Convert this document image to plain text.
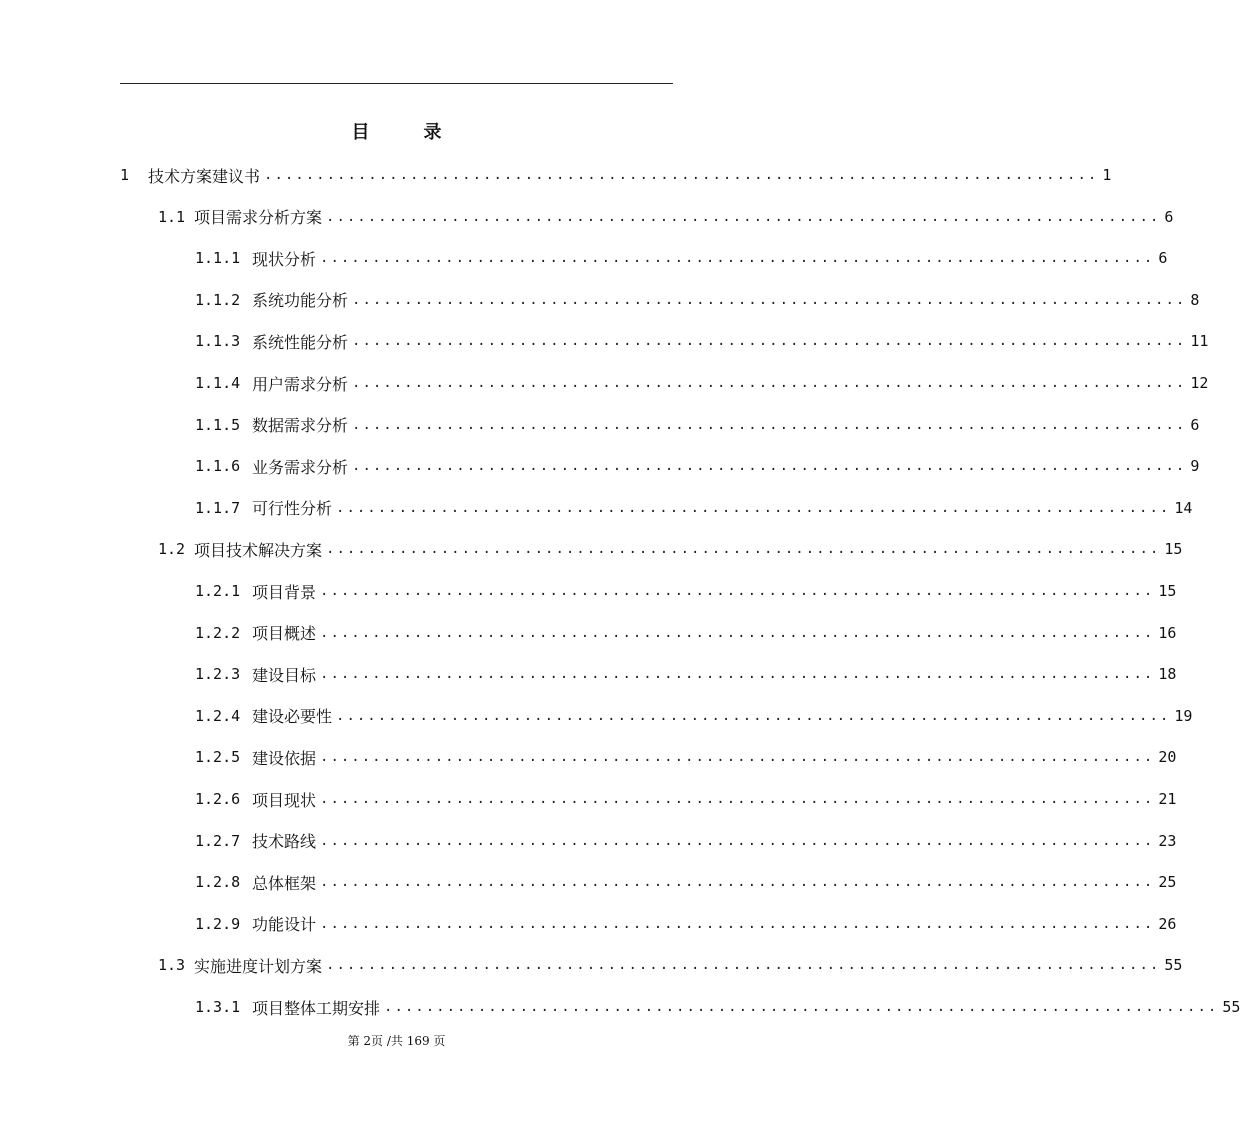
目　录
1	技术方案建议书 ................................................................................ 1
1.1 项目需求分析方案 ................................................................................ 6
1.1.1 现状分析 ................................................................................ 6
1.1.2 系统功能分析 ................................................................................ 8
1.1.3 系统性能分析 ................................................................................ 11
1.1.4 用户需求分析 ................................................................................ 12
1.1.5 数据需求分析 ................................................................................ 6
1.1.6 业务需求分析 ................................................................................ 9
1.1.7 可行性分析 ................................................................................ 14
1.2 项目技术解决方案 ................................................................................ 15
1.2.1 项目背景 ................................................................................ 15
1.2.2 项目概述 ................................................................................ 16
1.2.3 建设目标 ................................................................................ 18
1.2.4 建设必要性 ................................................................................ 19
1.2.5 建设依据 ................................................................................ 20
1.2.6 项目现状 ................................................................................ 21
1.2.7 技术路线 ................................................................................ 23
1.2.8 总体框架 ................................................................................ 25
1.2.9 功能设计 ................................................................................ 26
1.3 实施进度计划方案 ................................................................................ 55
1.3.1 项目整体工期安排 ................................................................................ 55
第 2页 /共 169 页
